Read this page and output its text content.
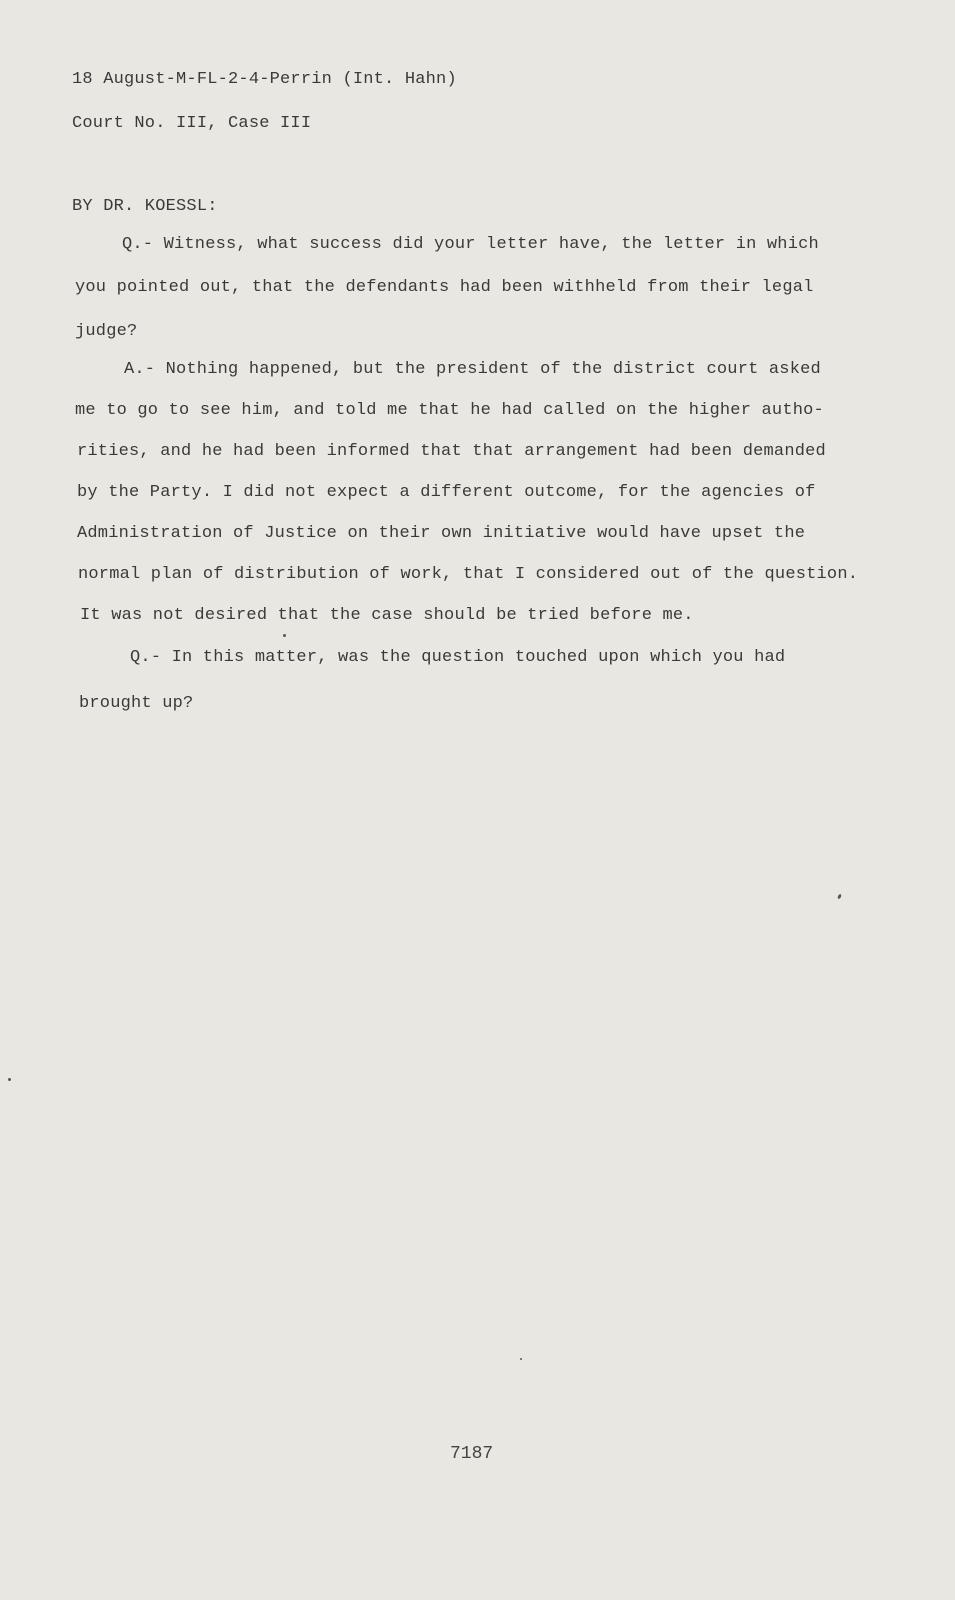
18 August-M-FL-2-4-Perrin (Int. Hahn)
Court No. III, Case III
BY DR. KOESSL:
Q.- Witness, what success did your letter have, the letter in which
you pointed out, that the defendants had been withheld from their legal
judge?
A.- Nothing happened, but the president of the district court asked
me to go to see him, and told me that he had called on the higher autho-
rities, and he had been informed that that arrangement had been demanded
by the Party. I did not expect a different outcome, for the agencies of
Administration of Justice on their own initiative would have upset the
normal plan of distribution of work, that I considered out of the question.
It was not desired that the case should be tried before me.
Q.- In this matter, was the question touched upon which you had
brought up?
7187
